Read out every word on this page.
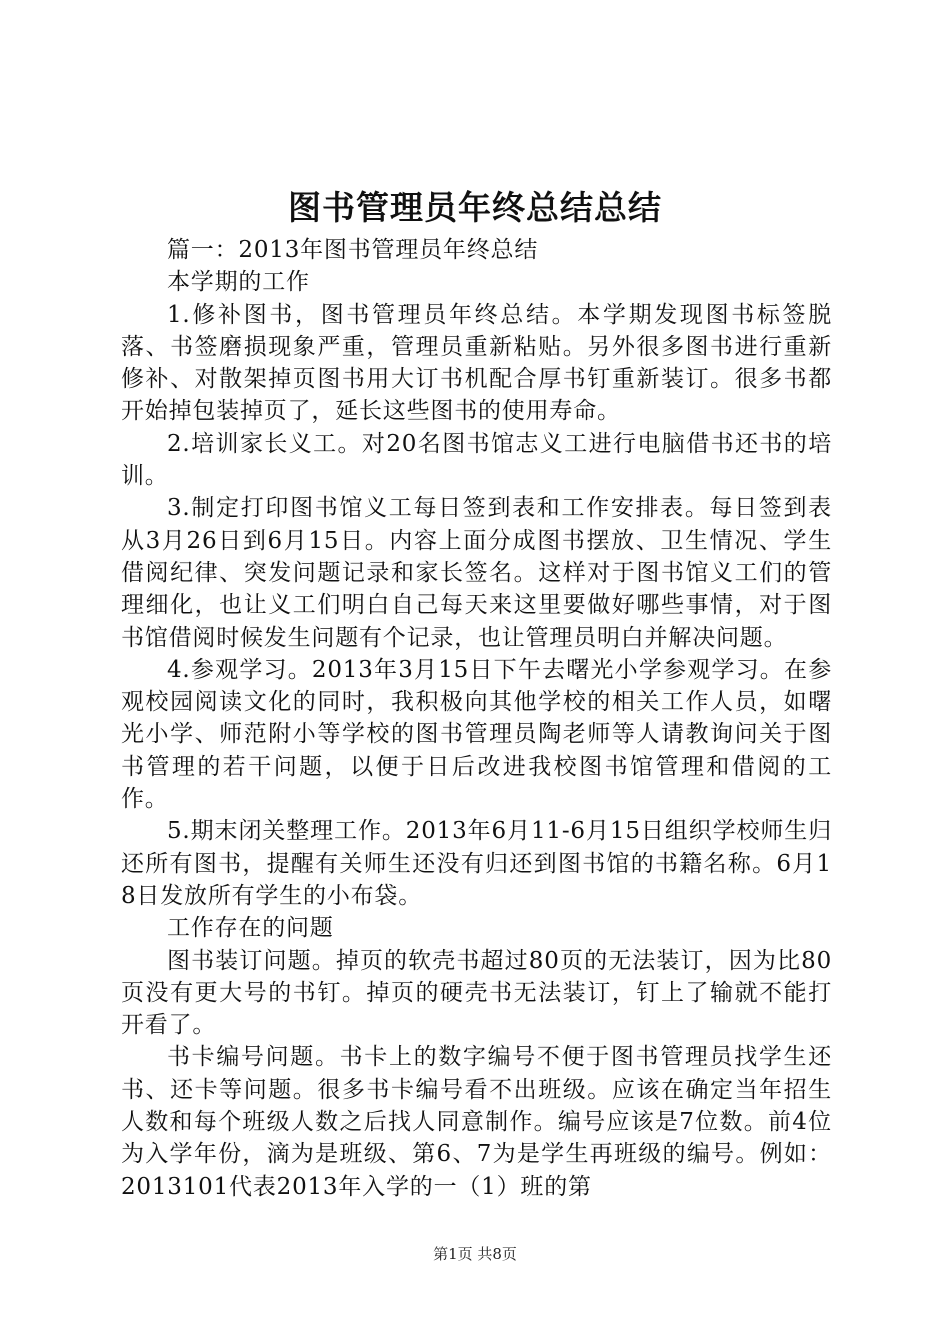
图书管理员年终总结总结

篇一：2013年图书管理员年终总结

本学期的工作

1.修补图书，图书管理员年终总结。本学期发现图书标签脱落、书签磨损现象严重，管理员重新粘贴。另外很多图书进行重新修补、对散架掉页图书用大订书机配合厚书钉重新装订。很多书都开始掉包装掉页了，延长这些图书的使用寿命。

2.培训家长义工。对20名图书馆志义工进行电脑借书还书的培训。

3.制定打印图书馆义工每日签到表和工作安排表。每日签到表从3月26日到6月15日。内容上面分成图书摆放、卫生情况、学生借阅纪律、突发问题记录和家长签名。这样对于图书馆义工们的管理细化，也让义工们明白自己每天来这里要做好哪些事情，对于图书馆借阅时候发生问题有个记录，也让管理员明白并解决问题。

4.参观学习。2013年3月15日下午去曙光小学参观学习。在参观校园阅读文化的同时，我积极向其他学校的相关工作人员，如曙光小学、师范附小等学校的图书管理员陶老师等人请教询问关于图书管理的若干问题，以便于日后改进我校图书馆管理和借阅的工作。

5.期末闭关整理工作。2013年6月11-6月15日组织学校师生归还所有图书，提醒有关师生还没有归还到图书馆的书籍名称。6月18日发放所有学生的小布袋。

工作存在的问题

图书装订问题。掉页的软壳书超过80页的无法装订，因为比80页没有更大号的书钉。掉页的硬壳书无法装订，钉上了输就不能打开看了。

书卡编号问题。书卡上的数字编号不便于图书管理员找学生还书、还卡等问题。很多书卡编号看不出班级。应该在确定当年招生人数和每个班级人数之后找人同意制作。编号应该是7位数。前4位为入学年份，滴为是班级、第6、7为是学生再班级的编号。例如：2013101代表2013年入学的一（1）班的第

第1页 共8页
